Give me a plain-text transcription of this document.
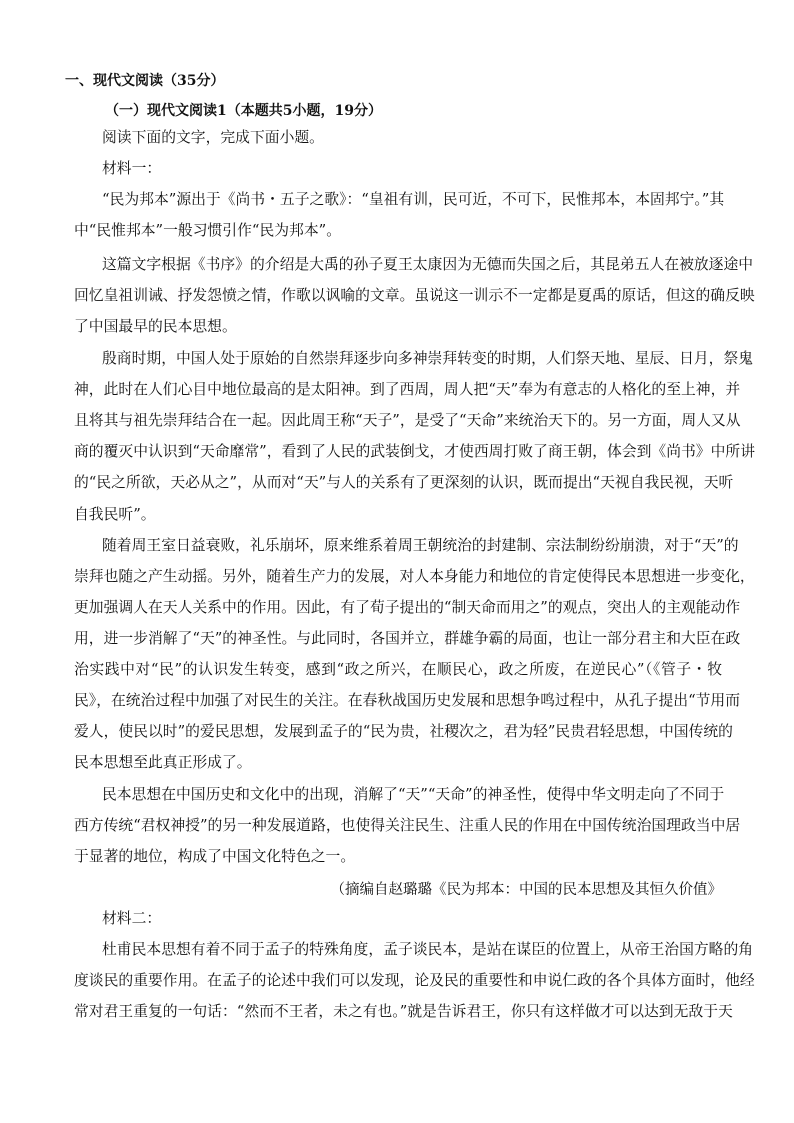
一、现代文阅读（35分）
（一）现代文阅读1（本题共5小题，19分）
阅读下面的文字，完成下面小题。
材料一：
“民为邦本”源出于《尚书・五子之歌》：“皇祖有训，民可近，不可下，民惟邦本，本固邦宁。”其
中“民惟邦本”一般习惯引作“民为邦本”。
这篇文字根据《书序》的介绍是大禹的孙子夏王太康因为无德而失国之后，其昆弟五人在被放逐途中
回忆皇祖训诫、抒发怨愤之情，作歌以讽喻的文章。虽说这一训示不一定都是夏禹的原话，但这的确反映
了中国最早的民本思想。
殷商时期，中国人处于原始的自然崇拜逐步向多神崇拜转变的时期，人们祭天地、星辰、日月，祭鬼
神，此时在人们心目中地位最高的是太阳神。到了西周，周人把“天”奉为有意志的人格化的至上神，并
且将其与祖先崇拜结合在一起。因此周王称“天子”，是受了“天命”来统治天下的。另一方面，周人又从
商的覆灭中认识到“天命靡常”，看到了人民的武装倒戈，才使西周打败了商王朝，体会到《尚书》中所讲
的“民之所欲，天必从之”，从而对“天”与人的关系有了更深刻的认识，既而提出“天视自我民视，天听
自我民听”。
随着周王室日益衰败，礼乐崩坏，原来维系着周王朝统治的封建制、宗法制纷纷崩溃，对于“天”的
崇拜也随之产生动摇。另外，随着生产力的发展，对人本身能力和地位的肯定使得民本思想进一步变化，
更加强调人在天人关系中的作用。因此，有了荀子提出的“制天命而用之”的观点，突出人的主观能动作
用，进一步消解了“天”的神圣性。与此同时，各国并立，群雄争霸的局面，也让一部分君主和大臣在政
治实践中对“民”的认识发生转变，感到“政之所兴，在顺民心，政之所废，在逆民心”（《管子・牧
民》，在统治过程中加强了对民生的关注。在春秋战国历史发展和思想争鸣过程中，从孔子提出“节用而
爱人，使民以时”的爱民思想，发展到孟子的“民为贵，社稷次之，君为轻”民贵君轻思想，中国传统的
民本思想至此真正形成了。
民本思想在中国历史和文化中的出现，消解了“天”“天命”的神圣性，使得中华文明走向了不同于
西方传统“君权神授”的另一种发展道路，也使得关注民生、注重人民的作用在中国传统治国理政当中居
于显著的地位，构成了中国文化特色之一。
（摘编自赵璐璐《民为邦本：中国的民本思想及其恒久价值》
材料二：
杜甫民本思想有着不同于孟子的特殊角度，孟子谈民本，是站在谋臣的位置上，从帝王治国方略的角
度谈民的重要作用。在孟子的论述中我们可以发现，论及民的重要性和申说仁政的各个具体方面时，他经
常对君王重复的一句话：“然而不王者，未之有也。”就是告诉君王，你只有这样做才可以达到无敌于天
